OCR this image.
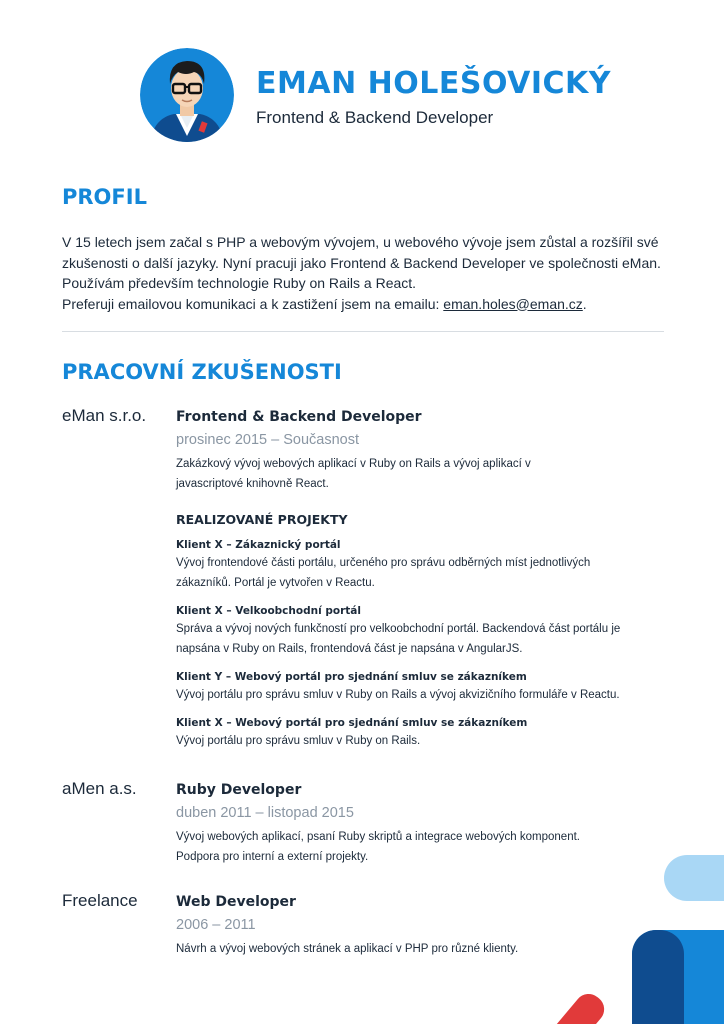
EMAN HOLEŠOVICKÝ
Frontend & Backend Developer
PROFIL
V 15 letech jsem začal s PHP a webovým vývojem, u webového vývoje jsem zůstal a rozšířil své zkušenosti o další jazyky. Nyní pracuji jako Frontend & Backend Developer ve společnosti eMan. Používám především technologie Ruby on Rails a React.
Preferuji emailovou komunikaci a k zastižení jsem na emailu: eman.holes@eman.cz.
PRACOVNÍ ZKUŠENOSTI
eMan s.r.o. Frontend & Backend Developer
prosinec 2015 – Současnost
Zakázkový vývoj webových aplikací v Ruby on Rails a vývoj aplikací v javascriptové knihovně React.
REALIZOVANÉ PROJEKTY
Klient X – Zákaznický portál
Vývoj frontendové části portálu, určeného pro správu odběrných míst jednotlivých zákazníků. Portál je vytvořen v Reactu.
Klient X – Velkoobchodní portál
Správa a vývoj nových funkčností pro velkoobchodní portál. Backendová část portálu je napsána v Ruby on Rails, frontendová část je napsána v AngularJS.
Klient Y – Webový portál pro sjednání smluv se zákazníkem
Vývoj portálu pro správu smluv v Ruby on Rails a vývoj akvizičního formuláře v Reactu.
Klient X – Webový portál pro sjednání smluv se zákazníkem
Vývoj portálu pro správu smluv v Ruby on Rails.
aMen a.s.	Ruby Developer
duben 2011 – listopad 2015
Vývoj webových aplikací, psaní Ruby skriptů a integrace webových komponent. Podpora pro interní a externí projekty.
Freelance	Web Developer
2006 – 2011
Návrh a vývoj webových stránek a aplikací v PHP pro různé klienty.
